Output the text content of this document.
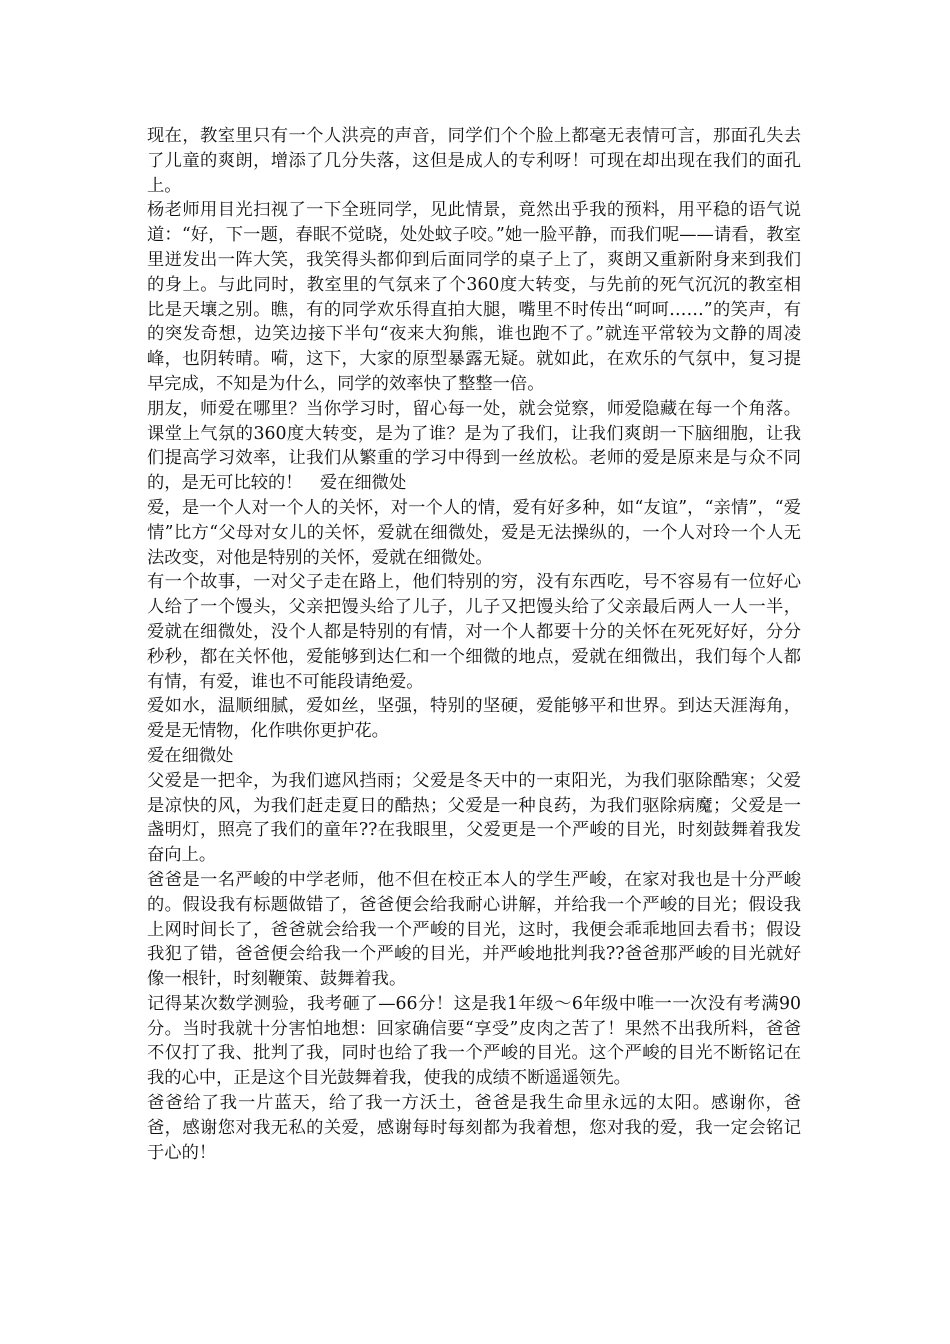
现在，教室里只有一个人洪亮的声音，同学们个个脸上都毫无表情可言，那面孔失去了儿童的爽朗，增添了几分失落，这但是成人的专利呀！可现在却出现在我们的面孔上。

杨老师用目光扫视了一下全班同学，见此情景，竟然出乎我的预料，用平稳的语气说道：“好，下一题，春眠不觉晓，处处蚊子咬。”她一脸平静，而我们呢——请看，教室里迸发出一阵大笑，我笑得头都仰到后面同学的桌子上了，爽朗又重新附身来到我们的身上。与此同时，教室里的气氛来了个360度大转变，与先前的死气沉沉的教室相比是天壤之别。瞧，有的同学欢乐得直拍大腿，嘴里不时传出“呵呵……”的笑声，有的突发奇想，边笑边接下半句“夜来大狗熊，谁也跑不了。”就连平常较为文静的周凌峰，也阴转晴。嗬，这下，大家的原型暴露无疑。就如此，在欢乐的气氛中，复习提早完成，不知是为什么，同学的效率快了整整一倍。

朋友，师爱在哪里？当你学习时，留心每一处，就会觉察，师爱隐藏在每一个角落。课堂上气氛的360度大转变，是为了谁？是为了我们，让我们爽朗一下脑细胞，让我们提高学习效率，让我们从繁重的学习中得到一丝放松。老师的爱是原来是与众不同的，是无可比较的！　爱在细微处

爱，是一个人对一个人的关怀，对一个人的情，爱有好多种，如“友谊”，“亲情”，“爱情”比方“父母对女儿的关怀，爱就在细微处，爱是无法操纵的，一个人对玲一个人无法改变，对他是特别的关怀，爱就在细微处。

有一个故事，一对父子走在路上，他们特别的穷，没有东西吃，号不容易有一位好心人给了一个馒头，父亲把馒头给了儿子，儿子又把馒头给了父亲最后两人一人一半，爱就在细微处，没个人都是特别的有情，对一个人都要十分的关怀在死死好好，分分秒秒，都在关怀他，爱能够到达仁和一个细微的地点，爱就在细微出，我们每个人都有情，有爱，谁也不可能段请绝爱。

爱如水，温顺细腻，爱如丝，坚强，特别的坚硬，爱能够平和世界。到达天涯海角，爱是无情物，化作哄你更护花。

爱在细微处

父爱是一把伞，为我们遮风挡雨；父爱是冬天中的一束阳光，为我们驱除酷寒；父爱是凉快的风，为我们赶走夏日的酷热；父爱是一种良药，为我们驱除病魔；父爱是一盏明灯，照亮了我们的童年??在我眼里，父爱更是一个严峻的目光，时刻鼓舞着我发奋向上。

爸爸是一名严峻的中学老师，他不但在校正本人的学生严峻，在家对我也是十分严峻的。假设我有标题做错了，爸爸便会给我耐心讲解，并给我一个严峻的目光；假设我上网时间长了，爸爸就会给我一个严峻的目光，这时，我便会乖乖地回去看书；假设我犯了错，爸爸便会给我一个严峻的目光，并严峻地批判我??爸爸那严峻的目光就好像一根针，时刻鞭策、鼓舞着我。

记得某次数学测验，我考砸了—66分！这是我1年级～6年级中唯一一次没有考满90分。当时我就十分害怕地想：回家确信要“享受”皮肉之苦了！果然不出我所料，爸爸不仅打了我、批判了我，同时也给了我一个严峻的目光。这个严峻的目光不断铭记在我的心中，正是这个目光鼓舞着我，使我的成绩不断遥遥领先。

爸爸给了我一片蓝天，给了我一方沃土，爸爸是我生命里永远的太阳。感谢你，爸爸，感谢您对我无私的关爱，感谢每时每刻都为我着想，您对我的爱，我一定会铭记于心的！
